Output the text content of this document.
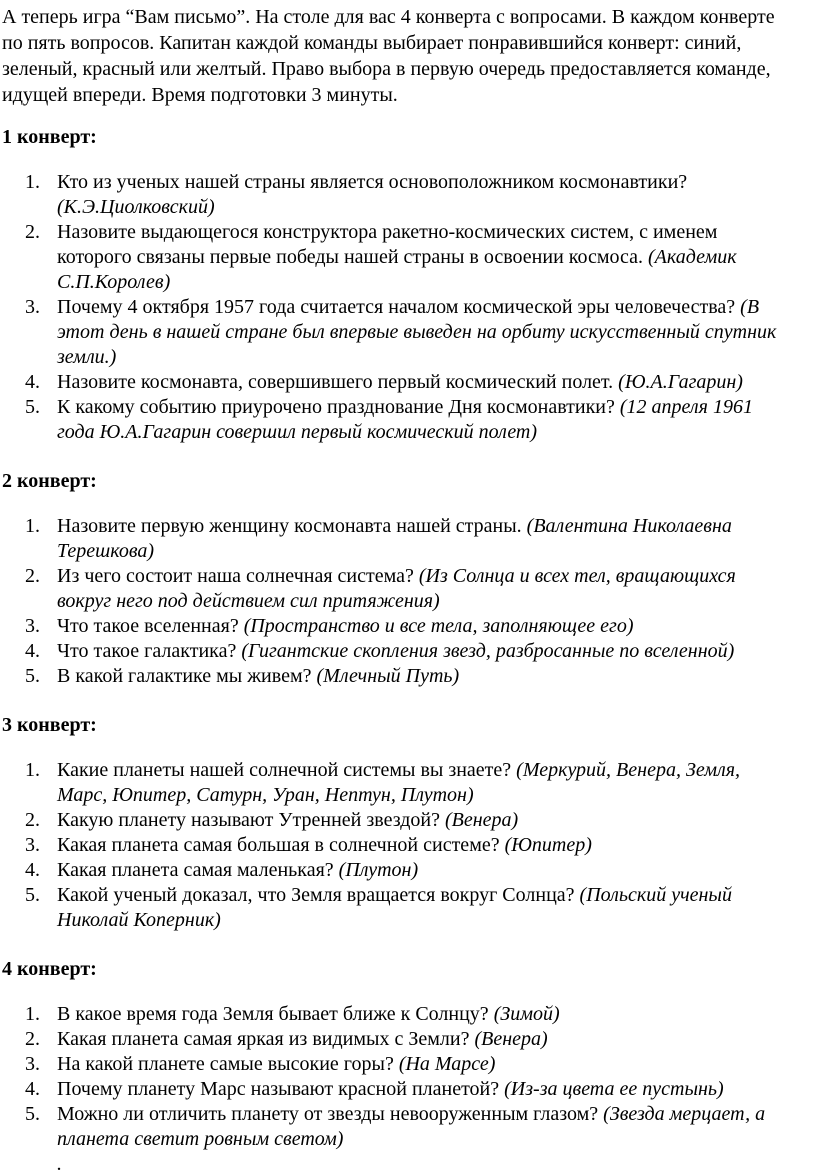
А теперь игра “Вам письмо”. На столе для вас 4 конверта с вопросами. В каждом конверте
по пять вопросов. Капитан каждой команды выбирает понравившийся конверт: синий,
зеленый, красный или желтый. Право выбора в первую очередь предоставляется команде,
идущей впереди. Время подготовки 3 минуты.
1 конверт:
1. Кто из ученых нашей страны является основоположником космонавтики?
(К.Э.Циолковский)
2. Назовите выдающегося конструктора ракетно-космических систем, с именем
которого связаны первые победы нашей страны в освоении космоса. (Академик
С.П.Королев)
3. Почему 4 октября 1957 года считается началом космической эры человечества? (В
этот день в нашей стране был впервые выведен на орбиту искусственный спутник
земли.)
4. Назовите космонавта, совершившего первый космический полет. (Ю.А.Гагарин)
5. К какому событию приурочено празднование Дня космонавтики? (12 апреля 1961
года Ю.А.Гагарин совершил первый космический полет)
2 конверт:
1. Назовите первую женщину космонавта нашей страны. (Валентина Николаевна
Терешкова)
2. Из чего состоит наша солнечная система? (Из Солнца и всех тел, вращающихся
вокруг него под действием сил притяжения)
3. Что такое вселенная? (Пространство и все тела, заполняющее его)
4. Что такое галактика? (Гигантские скопления звезд, разбросанные по вселенной)
5. В какой галактике мы живем? (Млечный Путь)
3 конверт:
1. Какие планеты нашей солнечной системы вы знаете? (Меркурий, Венера, Земля,
Марс, Юпитер, Сатурн, Уран, Нептун, Плутон)
2. Какую планету называют Утренней звездой? (Венера)
3. Какая планета самая большая в солнечной системе? (Юпитер)
4. Какая планета самая маленькая? (Плутон)
5. Какой ученый доказал, что Земля вращается вокруг Солнца? (Польский ученый
Николай Коперник)
4 конверт:
1. В какое время года Земля бывает ближе к Солнцу? (Зимой)
2. Какая планета самая яркая из видимых с Земли? (Венера)
3. На какой планете самые высокие горы? (На Марсе)
4. Почему планету Марс называют красной планетой? (Из-за цвета ее пустынь)
5. Можно ли отличить планету от звезды невооруженным глазом? (Звезда мерцает, а
планета светит ровным светом)
.
